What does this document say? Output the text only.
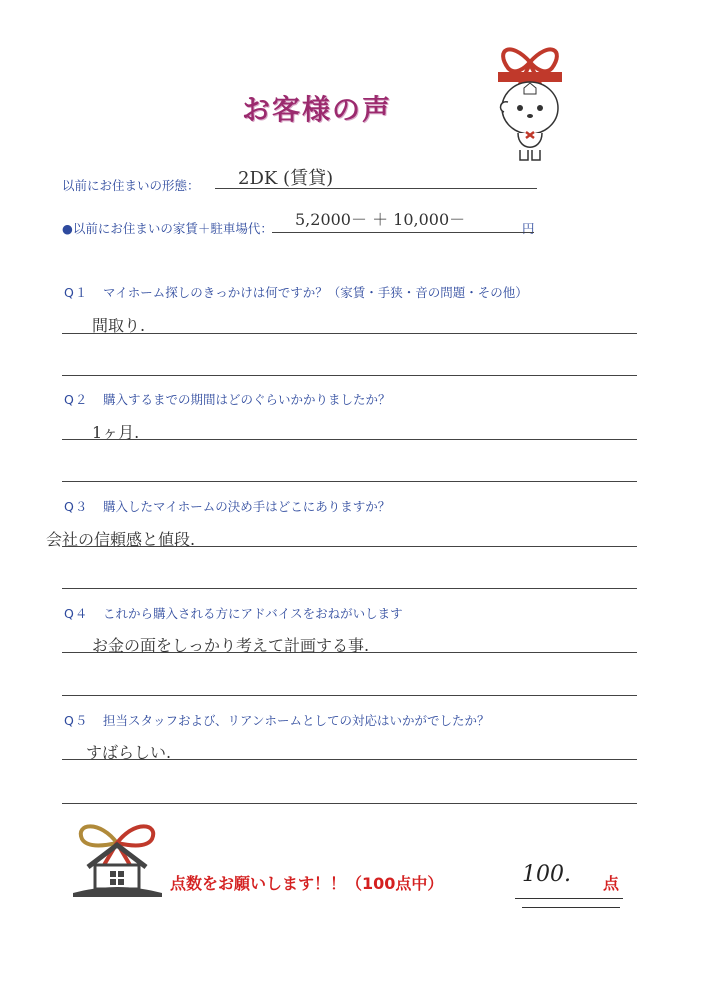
お客様の声
以前にお住まいの形態： 2DK (賃貸)
●以前にお住まいの家賃＋駐車場代： 5,2000－ ＋ 10,000－	円
Q１ マイホーム探しのきっかけは何ですか？（家賃・手狭・音の問題・その他）
間取り.
Q２ 購入するまでの期間はどのぐらいかかりましたか？
1ヶ月.
Q３ 購入したマイホームの決め手はどこにありますか？
会社の信頼感と値段.
Q４ これから購入される方にアドバイスをおねがいします
お金の面をしっかり考えて計画する事.
Q５ 担当スタッフおよび、リアンホームとしての対応はいかがでしたか？
すばらしい.
点数をお願いします！！（100点中）	100. 点
